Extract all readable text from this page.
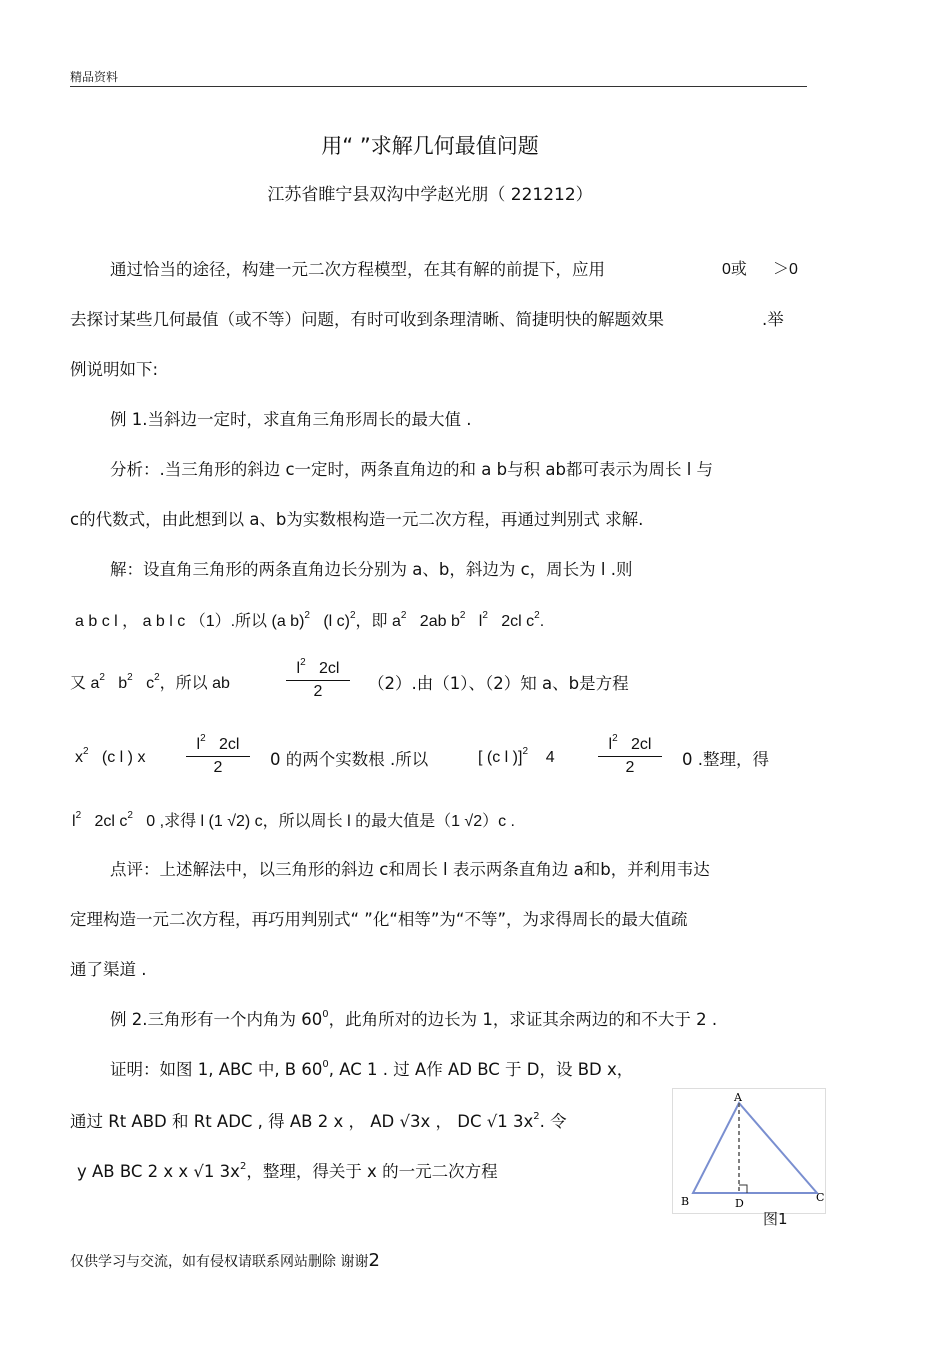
精品资料
用“ ”求解几何最值问题
江苏省睢宁县双沟中学赵光朋（ 221212）
通过恰当的途径，构建一元二次方程模型，在其有解的前提下，应用	0或 ＞0
去探讨某些几何最值（或不等）问题，有时可收到条理清晰、简捷明快的解题效果	.举
例说明如下:
例 1.当斜边一定时，求直角三角形周长的最大值 .
分析：.当三角形的斜边 c一定时，两条直角边的和 a b与积 ab都可表示为周长 l 与
c的代数式，由此想到以 a、b为实数根构造一元二次方程，再通过判别式 求解.
解：设直角三角形的两条直角边长分别为 a、b，斜边为 c，周长为 l .则
a b c l ， a b l c （1）.所以 (a b)$^2$ (l c)$^2$，即 $a^2$ 2ab $b^2$ $l^2$ 2cl $c^2$.
又 $a^2$ $b^2$ $c^2$，所以 ab
$l^2$ 2cl
2	（2）.由（1）、（2）知 a、b是方程
$x^2$ (c l ) x
$l^2$ 2cl
2	0 的两个实数根 .所以	[ (c l )]$^2$ 4
$l^2$ 2cl
2	0 .整理，得
$l^2$ 2cl $c^2$ 0 ,求得 l (1 √2) c，所以周长 l 的最大值是（1 √2）c .
点评：上述解法中，以三角形的斜边 c和周长 l 表示两条直角边 a和b，并利用韦达
定理构造一元二次方程，再巧用判别式“ ”化“相等”为“不等”，为求得周长的最大值疏
通了渠道 .
例 2.三角形有一个内角为 $60^0$，此角所对的边长为 1，求证其余两边的和不大于 2 .
证明：如图 1, ABC 中, B $60^0$, AC 1 . 过 A作 AD BC 于 D，设 BD x，
通过 Rt ABD 和 Rt ADC , 得 AB 2 x ， AD √3x ， DC √1 $3x^2$. 令
y AB BC 2 x x √1 $3x^2$，整理，得关于 x 的一元二次方程
A
B	D	C
图1
仅供学习与交流，如有侵权请联系网站删除 谢谢2
